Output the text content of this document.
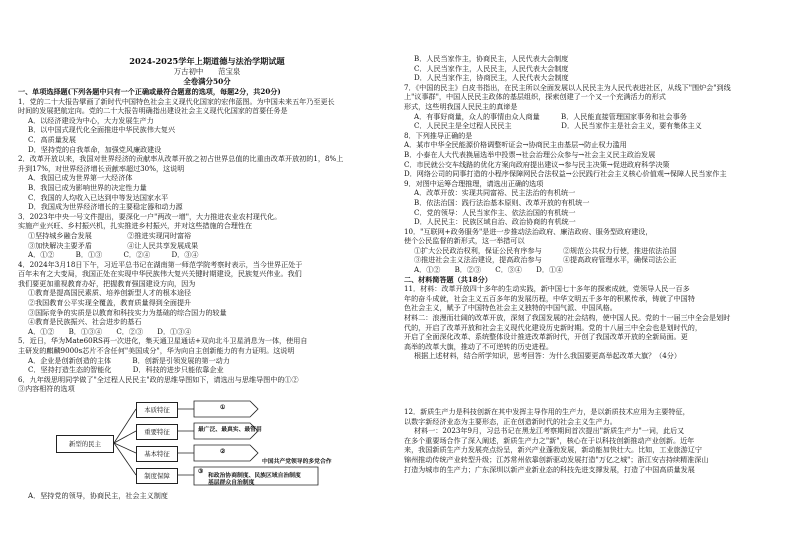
2024-2025学年上期道德与法治学期试题
万古初中　　范宝泉
全卷满分50分
一、单项选择题(下列各题中只有一个正确或最符合题意的选项，每题2分，共20分)
1．党的二十大报告擘画了新时代中国特色社会主义现代化国家的宏伟蓝图。为中国未来五年乃至更长
时间的发展把航定向。党的二十大报告明确指出建设社会主义现代化国家的首要任务是
A．以经济建设为中心，大力发展生产力
B．以中国式现代化全面推进中华民族伟大复兴
C．高质量发展
D．坚持党的自我革命，加强党风廉政建设
2．改革开放以来，我国对世界经济的贡献率从改革开放之初占世界总值的比重由改革开放初的1，8%上
升到17%，对世界经济增长贡献率超过30%，这说明
A．我国已成为世界第一大经济体
B．我国已成为影响世界的决定性力量
C．我国的人均收入已达到中等发达国家水平
D．我国成为世界经济增长的主要稳定器和动力源
3．2023年中央一号文件提出，要深化一户"两改一增"，大力推进农业农村现代化。
实施产业兴旺、乡村振兴机，扎实推进乡村振兴，并对这些措施的合理性在
①坚持城乡融合发展　　　　　②推进实现同时富裕
③加快解决主要矛盾　　　　　④让人民共享发展成果
A．①②　　　B．①③　　　C．②④　　　D．③④
4．2024年3月18日下午，习近平总书记在湖南第一师范学院考察时表示，当今世界正处于
百年未有之大变局，我国正处在实现中华民族伟大复兴关键时期建设，民族复兴伟业。我们
我们要更加重视教育办好，把握教育强国建设方向，因为
①教育是提高国民素质、培养创新型人才的根本途径
②我国教育公平实现全覆盖，教育质量得到全面提升
③国际竞争的实质是以教育和科技实力为基础的综合国力的较量
④教育是民族振兴、社会进步的基石
A．①②　　B．①③④　　C．②③　　D．①③④
5．近日，华为Mate60RS再一次进化，集天通卫星通话+双向北斗卫星消息为一体，使用自
主研发的麒麟9000s芯片不含任何"美国成分"，华为向自主创新能力的有力证明。这说明
A．企业是创新创造的主体　　　B．创新是引领发展的第一动力
C．坚持打造生态的智能化　　　D．科技的进步只能依靠企业
6．九年级思明同学做了"全过程人民民主"政的思维导图如下，请选出与思维导图中的①②
③内容相符的选项
新型的民主
本质特征
重要特征
基本特征
制度保障
①
最广泛、最真实、最管用
②
③
中国共产党领导的多党合作
和政治协商制度、民族区域自治制度
基层群众自治制度
A．坚持党的领导，协商民主，社会主义制度
B．人民当家作主，协商民主，人民代表大会制度
C．人民当家作主，人民民主，人民代表大会制度
D．人民当家作主，协商民主，人民代表大会制度
7．《中国的民主》白皮书指出，在民主所以全面发展以人民民主为人民代表进社区，从线下"围炉会"到线
上"议事群"，中国人民民主政体的基层组织，探索创建了一个又一个充满活力的形式
形式，这些明我国人民民主的真谛是
A．有事好商量，众人的事情由众人商量　　　B．人民能直接管理国家事务和社会事务
C．人民民主是全过程人民民主　　　　　　　D．人民当家作主是社会主义，要有集体主义
8．下列推导正确的是
A．某市中华全民能源价格调整听证会→协商民主由基层→防止权力滥用
B．小泰在人大代表换届选举中投票→社会治理公众参与→社会主义民主政治发展
C．市民就公交车线路的优化方案向政府提出建议→参与民主决策→促进政府科学决策
D．网络公司的同事打造的小程序保障网民合法权益→公民践行社会主义核心价值观→保障人民当家作主
9．对图中运筹合理推理，请选出正确的选项
A．改革开放：实现共同富裕、民主法治的有机统一
B．依法治国：践行法治基本原则、改革开放的有机统一
C．党的领导：人民当家作主、依法治国的有机统一
D．人民民主：民族区域自治、政治协商的有机统一
10．"互联网+政务服务"是进一步推动法治政府、廉洁政府、服务型政府建设，
使个公民监督的新形式，这一举措可以
①扩大公民政治权利，保证公民有序参与　　　②规范公共权力行使，推进依法治国
③推进社会主义法治建设，提高政治参与　　　④提高政府管理水平，确保司法公正
A．①②　　B．②③　　C．③④　　D．①④
二、材料简答题（共18分）
11．材料：改革开放四十多年的生动实践，新中国七十多年的探索成就，党领导人民一百多
年的奋斗成就，社会主义五百多年的发展历程，中华文明五千多年的积累传承，铸就了中国特
色社会主义，赋予了中国特色社会主义独特的中国气派、中国风格。
材料二：浪漫而壮阔的改革开放，深刻了我国发展的社会结构，使中国人民。党的十一届三中全会是划时
代的，开启了改革开放和社会主义现代化建设历史新时期。党的十八届三中全会也是划时代的，
开启了全面深化改革、系统整体设计推进改革新时代，开创了我国改革开放的全新局面。更
高举的改革大旗，推动了不可逆转的历史进程。
根据上述材料，结合所学知识，思考回答：为什么我国要更高举起改革大旗？（4分）
12．新质生产力是科技创新在其中发挥主导作用的生产力，是以新质技术应用为主要特征，
以数字新经济业态为主要形态，正在创造新时代的社会主义生产力。
材料一：2023年9月，习总书记在黑龙江考察期间首次提出"新质生产力"一词，此后又
在多个重要场合作了深入阐述，新质生产力之"新"，核心在于以科技创新推动产业创新。近年
来，我国新质生产力发展亮点纷呈，新兴产业蓬勃发展，新动能加快壮大。比如，工业旅游辽宁
锦州推动传统产业转型升级；江苏常州依靠创新驱动发展打造"万亿之城"；浙江安吉持续精准深山
打造为城市的生产力；广东深圳以新产业新业态的科技先进支撑发展，打造了中国高质量发展
